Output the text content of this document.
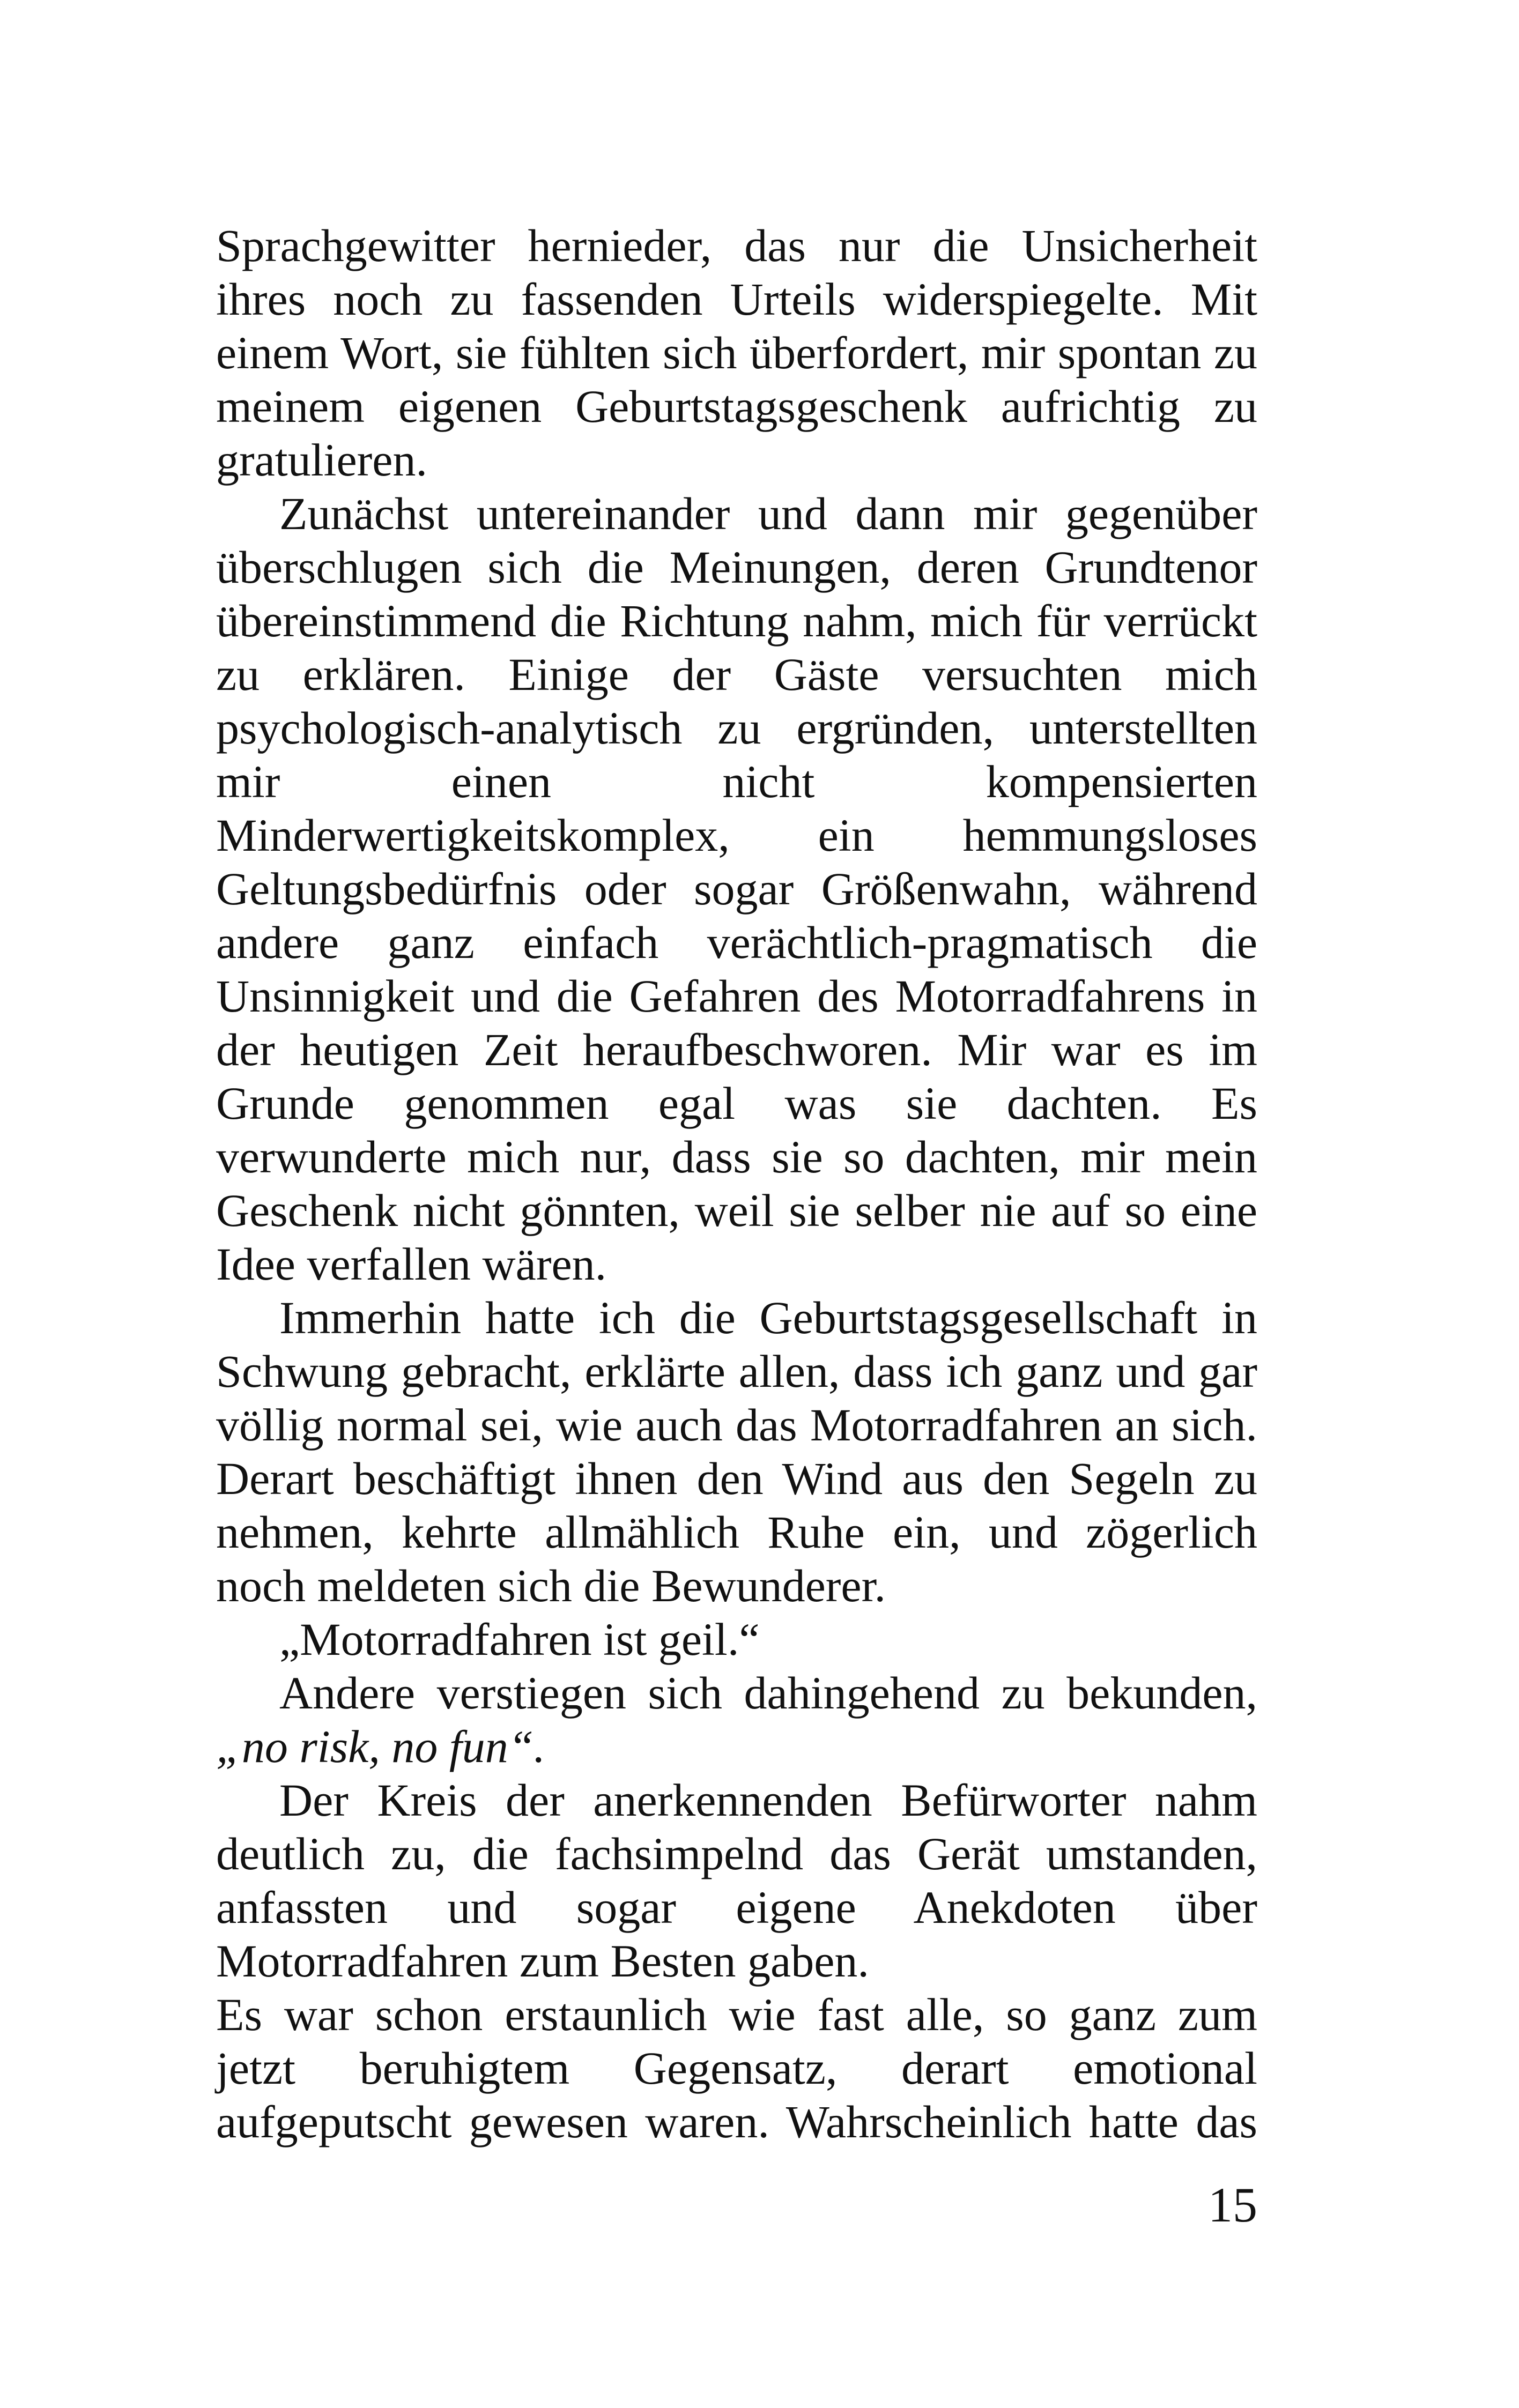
Sprachgewitter hernieder, das nur die Unsicherheit
ihres noch zu fassenden Urteils widerspiegelte. Mit
einem Wort, sie fühlten sich überfordert, mir spontan zu
meinem eigenen Geburtstagsgeschenk aufrichtig zu
gratulieren.
Zunächst untereinander und dann mir gegenüber
überschlugen sich die Meinungen, deren Grundtenor
übereinstimmend die Richtung nahm, mich für verrückt
zu erklären. Einige der Gäste versuchten mich
psychologisch-analytisch zu ergründen, unterstellten
mir einen nicht kompensierten
Minderwertigkeitskomplex, ein hemmungsloses
Geltungsbedürfnis oder sogar Größenwahn, während
andere ganz einfach verächtlich-pragmatisch die
Unsinnigkeit und die Gefahren des Motorradfahrens in
der heutigen Zeit heraufbeschworen. Mir war es im
Grunde genommen egal was sie dachten. Es
verwunderte mich nur, dass sie so dachten, mir mein
Geschenk nicht gönnten, weil sie selber nie auf so eine
Idee verfallen wären.
Immerhin hatte ich die Geburtstagsgesellschaft in
Schwung gebracht, erklärte allen, dass ich ganz und gar
völlig normal sei, wie auch das Motorradfahren an sich.
Derart beschäftigt ihnen den Wind aus den Segeln zu
nehmen, kehrte allmählich Ruhe ein, und zögerlich
noch meldeten sich die Bewunderer.
„Motorradfahren ist geil.“
Andere verstiegen sich dahingehend zu bekunden,
„no risk, no fun“.
Der Kreis der anerkennenden Befürworter nahm
deutlich zu, die fachsimpelnd das Gerät umstanden,
anfassten und sogar eigene Anekdoten über
Motorradfahren zum Besten gaben.
Es war schon erstaunlich wie fast alle, so ganz zum
jetzt beruhigtem Gegensatz, derart emotional
aufgeputscht gewesen waren. Wahrscheinlich hatte das
15
